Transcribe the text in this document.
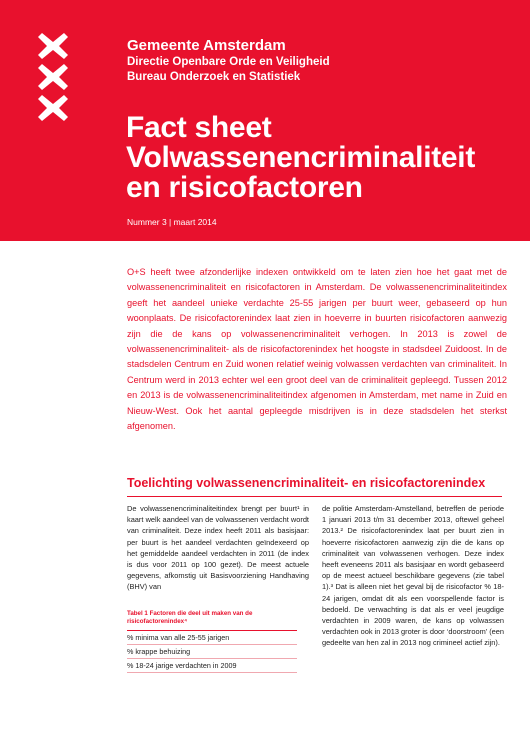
Gemeente Amsterdam

Directie Openbare Orde en Veiligheid

Bureau Onderzoek en Statistiek

Fact sheet

Volwassenencriminaliteit

en risicofactoren

Nummer 3 | maart 2014

O+S heeft twee afzonderlijke indexen ontwikkeld om te laten zien hoe het gaat met de volwassenencriminaliteit en risicofactoren in Amsterdam. De volwassenencriminaliteitindex geeft het aandeel unieke verdachte 25-55 jarigen per buurt weer, gebaseerd op hun woonplaats. De risicofactorenindex laat zien in hoeverre in buurten risicofactoren aanwezig zijn die de kans op volwassenencriminaliteit verhogen. In 2013 is zowel de volwassenencriminaliteit- als de risicofactorenindex het hoogste in stadsdeel Zuidoost. In de stadsdelen Centrum en Zuid wonen relatief weinig volwassen verdachten van criminaliteit. In Centrum werd in 2013 echter wel een groot deel van de criminaliteit gepleegd. Tussen 2012 en 2013 is de volwassenencriminaliteitindex afgenomen in Amsterdam, met name in Zuid en Nieuw-West. Ook het aantal gepleegde misdrijven is in deze stadsdelen het sterkst afgenomen.

Toelichting volwassenencriminaliteit- en risicofactorenindex

De volwassenencriminaliteitindex brengt per buurt¹ in kaart welk aandeel van de volwassenen verdacht wordt van criminaliteit. Deze index heeft 2011 als basisjaar: per buurt is het aandeel verdachten geïndexeerd op het gemiddelde aandeel verdachten in 2011 (de index is dus voor 2011 op 100 gezet). De meest actuele gegevens, afkomstig uit Basisvoorziening Handhaving (BHV) van

Tabel 1 Factoren die deel uit maken van de risicofactorenindex⁴
% minima van alle 25-55 jarigen
% krappe behuizing
% 18-24 jarige verdachten in 2009

de politie Amsterdam-Amstelland, betreffen de periode 1 januari 2013 t/m 31 december 2013, oftewel geheel 2013.² De risicofactorenindex laat per buurt zien in hoeverre risicofactoren aanwezig zijn die de kans op criminaliteit van volwassenen verhogen. Deze index heeft eveneens 2011 als basisjaar en wordt gebaseerd op de meest actueel beschikbare gegevens (zie tabel 1).³ Dat is alleen niet het geval bij de risicofactor % 18-24 jarigen, omdat dit als een voorspellende factor is bedoeld. De verwachting is dat als er veel jeugdige verdachten in 2009 waren, de kans op volwassen verdachten ook in 2013 groter is door ‘doorstroom’ (een gedeelte van hen zal in 2013 nog crimineel actief zijn).
